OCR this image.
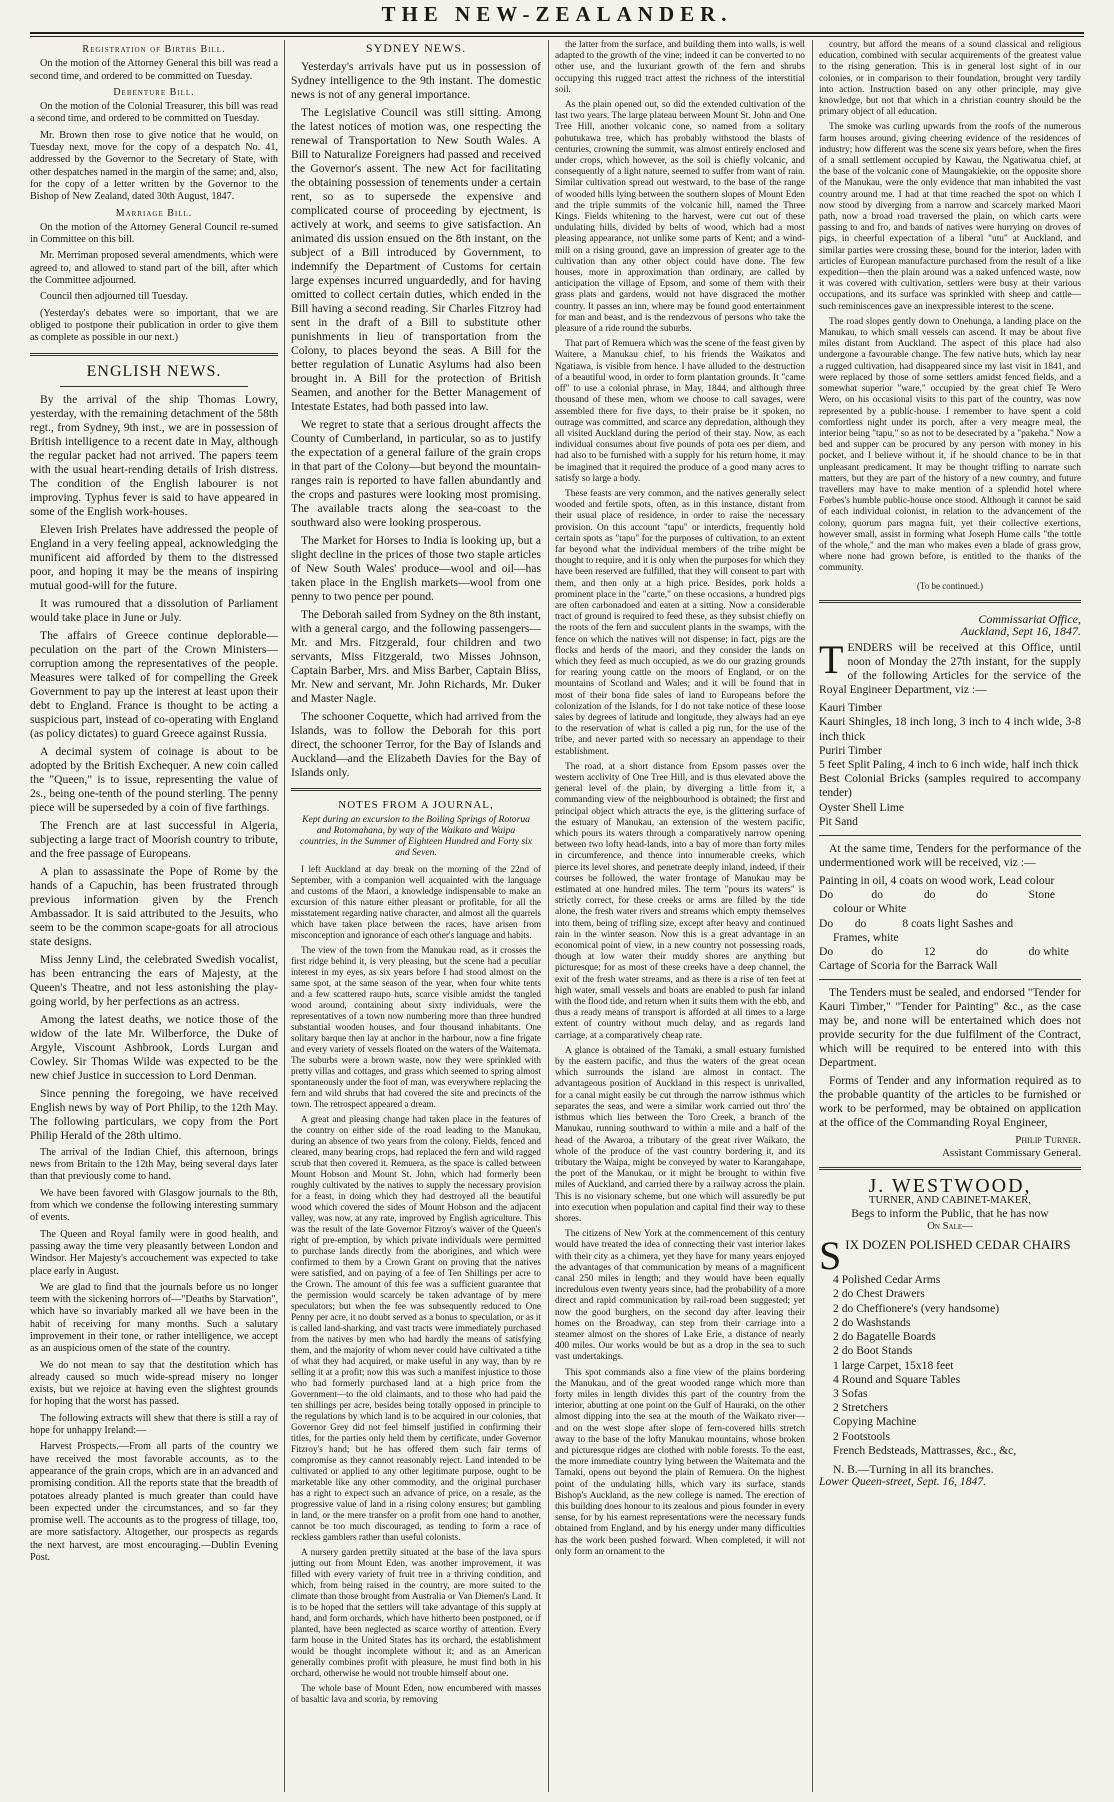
THE NEW-ZEALANDER.
Registration of Births Bill.

On the motion of the Attorney General this bill was read a second time, and ordered to be committed on Tuesday.

Debenture Bill.

On the motion of the Colonial Treasurer, this bill was read a second time, and ordered to be committed on Tuesday.

Mr. Brown then rose to give notice that he would, on Tuesday next, move for the copy of a despatch No. 41, addressed by the Governor to the Secretary of State, with other despatches named in the margin of the same; and, also, for the copy of a letter written by the Governor to the Bishop of New Zealand, dated 30th August, 1847.

Marriage Bill.

On the motion of the Attorney General Council re-sumed in Committee on this bill.

Mr. Merriman proposed several amendments, which were agreed to, and allowed to stand part of the bill, after which the Committee adjourned.

Council then adjourned till Tuesday.

(Yesterday's debates were so important, that we are obliged to postpone their publication in order to give them as complete as possible in our next.)

ENGLISH NEWS.

By the arrival of the ship Thomas Lowry, yesterday, with the remaining detachment of the 58th regt., from Sydney, 9th inst., we are in possession of British intelligence to a recent date in May, although the regular packet had not arrived. The papers teem with the usual heart-rending details of Irish distress. The condition of the English labourer is not improving. Typhus fever is said to have appeared in some of the English work-houses.

Eleven Irish Prelates have addressed the people of England in a very feeling appeal, acknowledging the munificent aid afforded by them to the distressed poor, and hoping it may be the means of inspiring mutual good-will for the future.

It was rumoured that a dissolution of Parliament would take place in June or July.

The affairs of Greece continue deplorable—peculation on the part of the Crown Ministers—corruption among the representatives of the people. Measures were talked of for compelling the Greek Government to pay up the interest at least upon their debt to England. France is thought to be acting a suspicious part, instead of co-operating with England (as policy dictates) to guard Greece against Russia.

A decimal system of coinage is about to be adopted by the British Exchequer. A new coin called the "Queen," is to issue, representing the value of 2s., being one-tenth of the pound sterling. The penny piece will be superseded by a coin of five farthings.

The French are at last successful in Algeria, subjecting a large tract of Moorish country to tribute, and the free passage of Europeans.

A plan to assassinate the Pope of Rome by the hands of a Capuchin, has been frustrated through previous information given by the French Ambassador. It is said attributed to the Jesuits, who seem to be the common scape-goats for all atrocious state designs.

Miss Jenny Lind, the celebrated Swedish vocalist, has been entrancing the ears of Majesty, at the Queen's Theatre, and not less astonishing the play-going world, by her perfections as an actress.

Among the latest deaths, we notice those of the widow of the late Mr. Wilberforce, the Duke of Argyle, Viscount Ashbrook, Lords Lurgan and Cowley. Sir Thomas Wilde was expected to be the new chief Justice in succession to Lord Denman.

Since penning the foregoing, we have received English news by way of Port Philip, to the 12th May. The following particulars, we copy from the Port Philip Herald of the 28th ultimo.

The arrival of the Indian Chief, this afternoon, brings news from Britain to the 12th May, being several days later than that previously come to hand.

We have been favored with Glasgow journals to the 8th, from which we condense the following interesting summary of events.

The Queen and Royal family were in good health, and passing away the time very pleasantly between London and Windsor. Her Majesty's accouchement was expected to take place early in August.

We are glad to find that the journals before us no longer teem with the sickening horrors of—"Deaths by Starvation", which have so invariably marked all we have been in the habit of receiving for many months. Such a salutary improvement in their tone, or rather intelligence, we accept as an auspicious omen of the state of the country.

We do not mean to say that the destitution which has already caused so much wide-spread misery no longer exists, but we rejoice at having even the slightest grounds for hoping that the worst has passed.

The following extracts will shew that there is still a ray of hope for unhappy Ireland:—

Harvest Prospects.—From all parts of the country we have received the most favorable accounts, as to the appearance of the grain crops, which are in an advanced and promising condition. All the reports state that the breadth of potatoes already planted is much greater than could have been expected under the circumstances, and so far they promise well. The accounts as to the progress of tillage, too, are more satisfactory. Altogether, our prospects as regards the next harvest, are most encouraging.—Dublin Evening Post.

SYDNEY NEWS.

Yesterday's arrivals have put us in possession of Sydney intelligence to the 9th instant. The domestic news is not of any general importance.

The Legislative Council was still sitting. Among the latest notices of motion was, one respecting the renewal of Transportation to New South Wales. A Bill to Naturalize Foreigners had passed and received the Governor's assent. The new Act for facilitating the obtaining possession of tenements under a certain rent, so as to supersede the expensive and complicated course of proceeding by ejectment, is actively at work, and seems to give satisfaction. An animated dis ussion ensued on the 8th instant, on the subject of a Bill introduced by Government, to indemnify the Department of Customs for certain large expenses incurred unguardedly, and for having omitted to collect certain duties, which ended in the Bill having a second reading. Sir Charles Fitzroy had sent in the draft of a Bill to substitute other punishments in lieu of transportation from the Colony, to places beyond the seas. A Bill for the better regulation of Lunatic Asylums had also been brought in. A Bill for the protection of British Seamen, and another for the Better Management of Intestate Estates, had both passed into law.

We regret to state that a serious drought affects the County of Cumberland, in particular, so as to justify the expectation of a general failure of the grain crops in that part of the Colony—but beyond the mountain-ranges rain is reported to have fallen abundantly and the crops and pastures were looking most promising. The available tracts along the sea-coast to the southward also were looking prosperous.

The Market for Horses to India is looking up, but a slight decline in the prices of those two staple articles of New South Wales' produce—wool and oil—has taken place in the English markets—wool from one penny to two pence per pound.

The Deborah sailed from Sydney on the 8th instant, with a general cargo, and the following passengers—Mr. and Mrs. Fitzgerald, four children and two servants, Miss Fitzgerald, two Misses Johnson, Captain Barber, Mrs. and Miss Barber, Captain Bliss, Mr. New and servant, Mr. John Richards, Mr. Duker and Master Nagle.

The schooner Coquette, which had arrived from the Islands, was to follow the Deborah for this port direct, the schooner Terror, for the Bay of Islands and Auckland—and the Elizabeth Davies for the Bay of Islands only.

NOTES FROM A JOURNAL,
Kept during an excursion to the Boiling Springs of Rotorua and Rotomahana, by way of the Waikato and Waipa countries, in the Summer of Eighteen Hundred and Forty six and Seven.

I left Auckland at day break on the morning of the 22nd of September, with a companion well acquainted with the language and customs of the Maori, a knowledge indispensable to make an excursion of this nature either pleasant or profitable, for all the misstatement regarding native character, and almost all the quarrels which have taken place between the races, have arisen from misconception and ignorance of each other's language and habits.

The view of the town from the Manukau road, as it crosses the first ridge behind it, is very pleasing, but the scene had a peculiar interest in my eyes, as six years before I had stood almost on the same spot, at the same season of the year, when four white tents and a few scattered raupo huts, scarce visible amidst the tangled wood around, containing about sixty individuals, were the representatives of a town now numbering more than three hundred substantial wooden houses, and four thousand inhabitants. One solitary barque then lay at anchor in the harbour, now a fine frigate and every variety of vessels floated on the waters of the Waitemata. The suburbs were a brown waste, now they were sprinkled with pretty villas and cottages, and grass which seemed to spring almost spontaneously under the foot of man, was everywhere replacing the fern and wild shrubs that had covered the site and precincts of the town. The retrospect appeared a dream.

A great and pleasing change had taken place in the features of the country on either side of the road leading to the Manukau, during an absence of two years from the colony. Fields, fenced and cleared, many bearing crops, had replaced the fern and wild ragged scrub that then covered it. Remuera, as the space is called between Mount Hobson and Mount St. John, which had formerly been roughly cultivated by the natives to supply the necessary provision for a feast, in doing which they had destroyed all the beautiful wood which covered the sides of Mount Hobson and the adjacent valley, was now, at any rate, improved by English agriculture. This was the result of the late Governor Fitzroy's waiver of the Queen's right of pre-emption, by which private individuals were permitted to purchase lands directly from the aborigines, and which were confirmed to them by a Crown Grant on proving that the natives were satisfied, and on paying of a fee of Ten Shillings per acre to the Crown. The amount of this fee was a sufficient guarantee that the permission would scarcely be taken advantage of by mere speculators; but when the fee was subsequently reduced to One Penny per acre, it no doubt served as a bonus to speculation, or as it is called land-sharking, and vast tracts were immediately purchased from the natives by men who had hardly the means of satisfying them, and the majority of whom never could have cultivated a tithe of what they had acquired, or make useful in any way, than by re selling it at a profit; now this was such a manifest injustice to those who had formerly purchased land at a high price from the Government—to the old claimants, and to those who had paid the ten shillings per acre, besides being totally opposed in principle to the regulations by which land is to be acquired in our colonies, that Governor Grey did not feel himself justified in confirming their titles, for the parties only held them by certificate, under Governor Fitzroy's hand; but he has offered them such fair terms of compromise as they cannot reasonably reject. Land intended to be cultivated or applied to any other legitimate purpose, ought to be marketable like any other commodity, and the original purchaser has a right to expect such an advance of price, on a resale, as the progressive value of land in a rising colony ensures; but gambling in land, or the mere transfer on a profit from one hand to another, cannot be too much discouraged, as tending to form a race of reckless gamblers rather than useful colonists.

A nursery garden prettily situated at the base of the lava spurs jutting out from Mount Eden, was another improvement, it was filled with every variety of fruit tree in a thriving condition, and which, from being raised in the country, are more suited to the climate than those brought from Australia or Van Diemen's Land. It is to be hoped that the settlers will take advantage of this supply at hand, and form orchards, which have hitherto been postponed, or if planted, have been neglected as scarce worthy of attention. Every farm house in the United States has its orchard, the establishment would be thought incomplete without it; and as an American generally combines profit with pleasure, he must find both in his orchard, otherwise he would not trouble himself about one.

The whole base of Mount Eden, now encumbered with masses of basaltic lava and scoria, by removing

the latter from the surface, and building them into walls, is well adapted to the growth of the vine; indeed it can be converted to no other use, and the luxuriant growth of the fern and shrubs occupying this rugged tract attest the richness of the interstitial soil.

As the plain opened out, so did the extended cultivation of the last two years. The large plateau between Mount St. John and One Tree Hill, another volcanic cone, so named from a solitary pohutukawa tree, which has probably withstood the blasts of centuries, crowning the summit, was almost entirely enclosed and under crops, which however, as the soil is chiefly volcanic, and consequently of a light nature, seemed to suffer from want of rain. Similar cultivation spread out westward, to the base of the range of wooded hills lying between the southern slopes of Mount Eden and the triple summits of the volcanic hill, named the Three Kings. Fields whitening to the harvest, were cut out of these undulating hills, divided by belts of wood, which had a most pleasing appearance, not unlike some parts of Kent; and a wind-mill on a rising ground, gave an impression of greater age to the cultivation than any other object could have done. The few houses, more in approximation than ordinary, are called by anticipation the village of Epsom, and some of them with their grass plats and gardens, would not have disgraced the mother country. It passes an inn, where may be found good entertainment for man and beast, and is the rendezvous of persons who take the pleasure of a ride round the suburbs.

That part of Remuera which was the scene of the feast given by Waitere, a Manukau chief, to his friends the Waikatos and Ngatiawa, is visible from hence. I have alluded to the destruction of a beautiful wood, in order to form plantation grounds. It "came off" to use a colonial phrase, in May, 1844, and although three thousand of these men, whom we choose to call savages, were assembled there for five days, to their praise be it spoken, no outrage was committed, and scarce any depredation, although they all visited Auckland during the period of their stay. Now, as each individual consumes about five pounds of pota oes per diem, and had also to be furnished with a supply for his return home, it may be imagined that it required the produce of a good many acres to satisfy so large a body.

These feasts are very common, and the natives generally select wooded and fertile spots, often, as in this instance, distant from their usual place of residence, in order to raise the necessary provision. On this account "tapu" or interdicts, frequently hold certain spots as "tapu" for the purposes of cultivation, to an extent far beyond what the individual members of the tribe might be thought to require, and it is only when the purposes for which they have been reserved are fulfilled, that they will consent to part with them, and then only at a high price. Besides, pork holds a prominent place in the "carte," on these occasions, a hundred pigs are often carbonadoed and eaten at a sitting. Now a considerable tract of ground is required to feed these, as they subsist chiefly on the roots of the fern and succulent plants in the swamps, with the fence on which the natives will not dispense; in fact, pigs are the flocks and herds of the maori, and they consider the lands on which they feed as much occupied, as we do our grazing grounds for rearing young cattle on the moors of England, or on the mountains of Scotland and Wales; and it will be found that in most of their bona fide sales of land to Europeans before the colonization of the Islands, for I do not take notice of these loose sales by degrees of latitude and longitude, they always had an eye to the reservation of what is called a pig run, for the use of the tribe, and never parted with so necessary an appendage to their establishment.

The road, at a short distance from Epsom passes over the western acclivity of One Tree Hill, and is thus elevated above the general level of the plain, by diverging a little from it, a commanding view of the neighbourhood is obtained; the first and principal object which attracts the eye, is the glittering surface of the estuary of Manukau, an extension of the western pacific, which pours its waters through a comparatively narrow opening between two lofty head-lands, into a bay of more than forty miles in circumference, and thence into innumerable creeks, which pierce its level shores, and penetrate deeply inland, indeed, if their courses be followed, the water frontage of Manukau may be estimated at one hundred miles. The term "pours its waters" is strictly correct, for these creeks or arms are filled by the tide alone, the fresh water rivers and streams which empty themselves into them, being of trifling size, except after heavy and continued rain in the winter season. Now this is a great advantage in an economical point of view, in a new country not possessing roads, though at low water their muddy shores are anything but picturesque; for as most of these creeks have a deep channel, the exit of the fresh water streams, and as there is a rise of ten feet at high water, small vessels and boats are enabled to push far inland with the flood tide, and return when it suits them with the ebb, and thus a ready means of transport is afforded at all times to a large extent of country without much delay, and as regards land carriage, at a comparatively cheap rate.

A glance is obtained of the Tamaki, a small estuary furnished by the eastern pacific, and thus the waters of the great ocean which surrounds the island are almost in contact. The advantageous position of Auckland in this respect is unrivalled, for a canal might easily be cut through the narrow isthmus which separates the seas, and were a similar work carried out thro' the isthmus which lies between the Toro Creek, a branch of the Manukau, running southward to within a mile and a half of the head of the Awaroa, a tributary of the great river Waikato, the whole of the produce of the vast country bordering it, and its tributary the Waipa, might be conveyed by water to Karangahape, the port of the Manukau, or it might be brought to within five miles of Auckland, and carried there by a railway across the plain. This is no visionary scheme, but one which will assuredly be put into execution when population and capital find their way to these shores.

The citizens of New York at the commencement of this century would have treated the idea of connecting their vast interior lakes with their city as a chimera, yet they have for many years enjoyed the advantages of that communication by means of a magnificent canal 250 miles in length; and they would have been equally incredulous even twenty years since, had the probability of a more direct and rapid communication by rail-road been suggested; yet now the good burghers, on the second day after leaving their homes on the Broadway, can step from their carriage into a steamer almost on the shores of Lake Erie, a distance of nearly 400 miles. Our works would be but as a drop in the sea to such vast undertakings.

This spot commands also a fine view of the plains bordering the Manukau, and of the great wooded range which more than forty miles in length divides this part of the country from the interior, abutting at one point on the Gulf of Hauraki, on the other almost dipping into the sea at the mouth of the Waikato river—and on the west slope after slope of fern-covered hills stretch away to the base of the lofty Manukau mountains, whose broken and picturesque ridges are clothed with noble forests. To the east, the more immediate country lying between the Waitemata and the Tamaki, opens out beyond the plain of Remuera. On the highest point of the undulating hills, which vary its surface, stands Bishop's Auckland, as the new college is named. The erection of this building does honour to its zealous and pious founder in every sense, for by his earnest representations were the necessary funds obtained from England, and by his energy under many difficulties has the work been pushed forward. When completed, it will not only form an ornament to the

country, but afford the means of a sound classical and religious education, combined with secular acquirements of the greatest value to the rising generation. This is in general lost sight of in our colonies, or in comparison to their foundation, brought very tardily into action. Instruction based on any other principle, may give knowledge, but not that which in a christian country should be the primary object of all education.

The smoke was curling upwards from the roofs of the numerous farm houses around, giving cheering evidence of the residences of industry; how different was the scene six years before, when the fires of a small settlement occupied by Kawau, the Ngatiwatua chief, at the base of the volcanic cone of Maungakiekie, on the opposite shore of the Manukau, were the only evidence that man inhabited the vast country around me. I had at that time reached the spot on which I now stood by diverging from a narrow and scarcely marked Maori path, now a broad road traversed the plain, on which carts were passing to and fro, and bands of natives were hurrying on droves of pigs, in cheerful expectation of a liberal "utu" at Auckland, and similar parties were crossing these, bound for the interior, laden with articles of European manufacture purchased from the result of a like expedition—then the plain around was a naked unfenced waste, now it was covered with cultivation, settlers were busy at their various occupations, and its surface was sprinkled with sheep and cattle—such reminiscences gave an inexpressible interest to the scene.

The road slopes gently down to Onehunga, a landing place on the Manukau, to which small vessels can ascend. It may be about five miles distant from Auckland. The aspect of this place had also undergone a favourable change. The few native huts, which lay near a rugged cultivation, had disappeared since my last visit in 1841, and were replaced by those of some settlers amidst fenced fields, and a somewhat superior "ware," occupied by the great chief Te Wero Wero, on his occasional visits to this part of the country, was now represented by a public-house. I remember to have spent a cold comfortless night under its porch, after a very meagre meal, the interior being "tapu," so as not to be desecrated by a "pakeha." Now a bed and supper can be procured by any person with money in his pocket, and I believe without it, if he should chance to be in that unpleasant predicament. It may be thought trifling to narrate such matters, but they are part of the history of a new country, and future travellers may have to make mention of a splendid hotel where Forbes's humble public-house once stood. Although it cannot be said of each individual colonist, in relation to the advancement of the colony, quorum pars magna fuit, yet their collective exertions, however small, assist in forming what Joseph Hume calls "the tottle of the whole," and the man who makes even a blade of grass grow, where none had grown before, is entitled to the thanks of the community.

(To be continued.)
Commissariat Office,
Auckland, Sept 16, 1847.
TENDERS will be received at this Office, until noon of Monday the 27th instant, for the supply of the following Articles for the service of the Royal Engineer Department, viz :—
Kauri Timber
Kauri Shingles, 18 inch long, 3 inch to 4 inch wide, 3-8 inch thick
Puriri Timber
5 feet Split Paling, 4 inch to 6 inch wide, half inch thick
Best Colonial Bricks (samples required to accompany tender)
Oyster Shell Lime
Pit Sand
At the same time, Tenders for the performance of the undermentioned work will be received, viz :—
Painting in oil, 4 coats on wood work, Lead colour
Do	do	do	do	Stone
colour or White
Do	do	8 coats light Sashes and
Frames, white
Do	do	12	do	do white
Cartage of Scoria for the Barrack Wall
The Tenders must be sealed, and endorsed "Tender for Kauri Timber," "Tender for Painting" &c., as the case may be, and none will be entertained which does not provide security for the due fulfilment of the Contract, which will be required to be entered into with this Department.
Forms of Tender and any information required as to the probable quantity of the articles to be furnished or work to be performed, may be obtained on application at the office of the Commanding Royal Engineer,
Philip Turner.
Assistant Commissary General.
J. WESTWOOD,
TURNER, AND CABINET-MAKER,
Begs to inform the Public, that he has now
On Sale—
SIX DOZEN POLISHED CEDAR CHAIRS
4 Polished Cedar Arms
2 do Chest Drawers
2 do Cheffionere's (very handsome)
2 do Washstands
2 do Bagatelle Boards
2 do Boot Stands
1 large Carpet, 15x18 feet
4 Round and Square Tables
3 Sofas
2 Stretchers
Copying Machine
2 Footstools
French Bedsteads, Mattrasses, &c., &c,
N. B.—Turning in all its branches.
Lower Queen-street, Sept. 16, 1847.
